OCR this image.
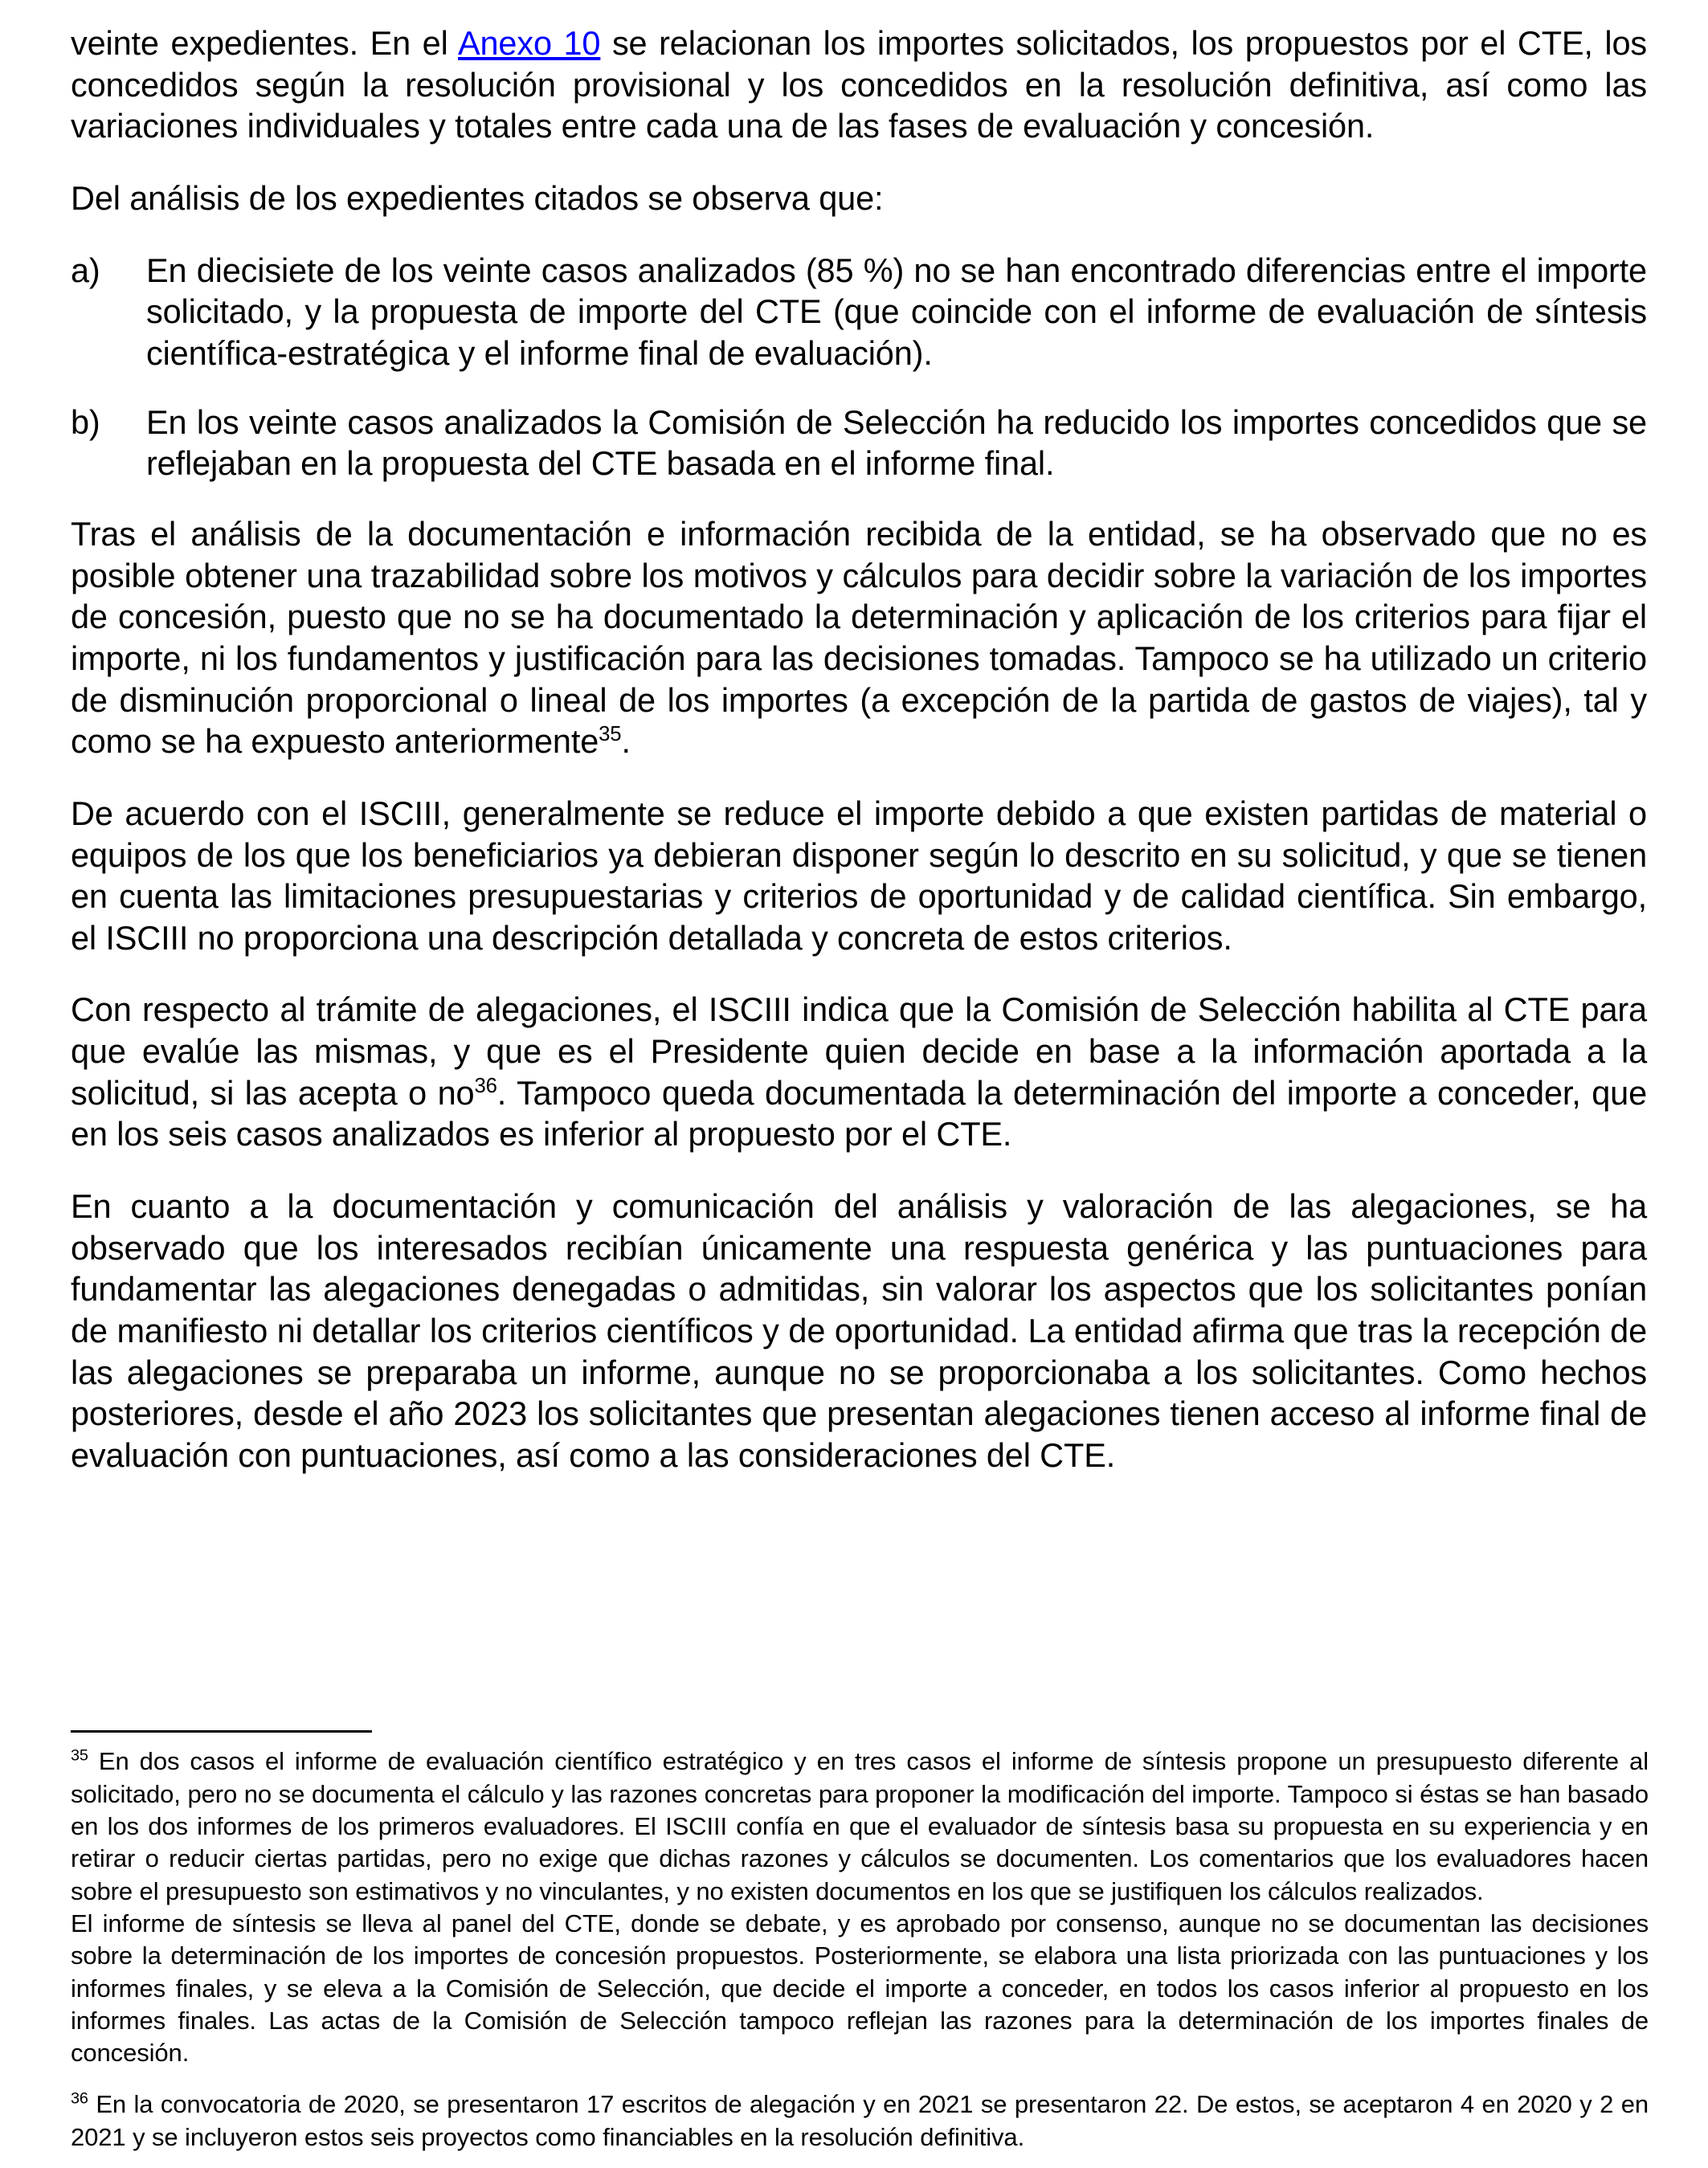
veinte expedientes. En el Anexo 10 se relacionan los importes solicitados, los propuestos por el CTE, los concedidos según la resolución provisional y los concedidos en la resolución definitiva, así como las variaciones individuales y totales entre cada una de las fases de evaluación y concesión.

Del análisis de los expedientes citados se observa que:

a)	En diecisiete de los veinte casos analizados (85 %) no se han encontrado diferencias entre el importe solicitado, y la propuesta de importe del CTE (que coincide con el informe de evaluación de síntesis científica-estratégica y el informe final de evaluación).
b)	En los veinte casos analizados la Comisión de Selección ha reducido los importes concedidos que se reflejaban en la propuesta del CTE basada en el informe final.

Tras el análisis de la documentación e información recibida de la entidad, se ha observado que no es posible obtener una trazabilidad sobre los motivos y cálculos para decidir sobre la variación de los importes de concesión, puesto que no se ha documentado la determinación y aplicación de los criterios para fijar el importe, ni los fundamentos y justificación para las decisiones tomadas. Tampoco se ha utilizado un criterio de disminución proporcional o lineal de los importes (a excepción de la partida de gastos de viajes), tal y como se ha expuesto anteriormente$^{35}$.

De acuerdo con el ISCIII, generalmente se reduce el importe debido a que existen partidas de material o equipos de los que los beneficiarios ya debieran disponer según lo descrito en su solicitud, y que se tienen en cuenta las limitaciones presupuestarias y criterios de oportunidad y de calidad científica. Sin embargo, el ISCIII no proporciona una descripción detallada y concreta de estos criterios.

Con respecto al trámite de alegaciones, el ISCIII indica que la Comisión de Selección habilita al CTE para que evalúe las mismas, y que es el Presidente quien decide en base a la información aportada a la solicitud, si las acepta o $no^{36}$. Tampoco queda documentada la determinación del importe a conceder, que en los seis casos analizados es inferior al propuesto por el CTE.

En cuanto a la documentación y comunicación del análisis y valoración de las alegaciones, se ha observado que los interesados recibían únicamente una respuesta genérica y las puntuaciones para fundamentar las alegaciones denegadas o admitidas, sin valorar los aspectos que los solicitantes ponían de manifiesto ni detallar los criterios científicos y de oportunidad. La entidad afirma que tras la recepción de las alegaciones se preparaba un informe, aunque no se proporcionaba a los solicitantes. Como hechos posteriores, desde el año 2023 los solicitantes que presentan alegaciones tienen acceso al informe final de evaluación con puntuaciones, así como a las consideraciones del CTE.

$^{35}$ En dos casos el informe de evaluación científico estratégico y en tres casos el informe de síntesis propone un presupuesto diferente al solicitado, pero no se documenta el cálculo y las razones concretas para proponer la modificación del importe. Tampoco si éstas se han basado en los dos informes de los primeros evaluadores. El ISCIII confía en que el evaluador de síntesis basa su propuesta en su experiencia y en retirar o reducir ciertas partidas, pero no exige que dichas razones y cálculos se documenten. Los comentarios que los evaluadores hacen sobre el presupuesto son estimativos y no vinculantes, y no existen documentos en los que se justifiquen los cálculos realizados.

El informe de síntesis se lleva al panel del CTE, donde se debate, y es aprobado por consenso, aunque no se documentan las decisiones sobre la determinación de los importes de concesión propuestos. Posteriormente, se elabora una lista priorizada con las puntuaciones y los informes finales, y se eleva a la Comisión de Selección, que decide el importe a conceder, en todos los casos inferior al propuesto en los informes finales. Las actas de la Comisión de Selección tampoco reflejan las razones para la determinación de los importes finales de concesión.

$^{36}$ En la convocatoria de 2020, se presentaron 17 escritos de alegación y en 2021 se presentaron 22. De estos, se aceptaron 4 en 2020 y 2 en 2021 y se incluyeron estos seis proyectos como financiables en la resolución definitiva.
